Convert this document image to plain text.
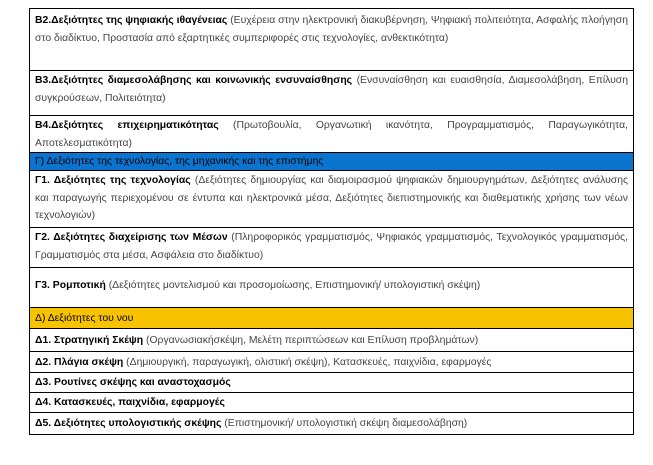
Β2.Δεξιότητες της ψηφιακής ιθαγένειας (Ευχέρεια στην ηλεκτρονική διακυβέρνηση, Ψηφιακή πολιτειότητα, Ασφαλής πλοήγηση στο διαδίκτυο, Προστασία από εξαρτητικές συμπεριφορές στις τεχνολογίες, ανθεκτικότητα)
Β3.Δεξιότητες διαμεσολάβησης και κοινωνικής ενσυναίσθησης (Ενσυναίσθηση και ευαισθησία, Διαμεσολάβηση, Επίλυση συγκρούσεων, Πολιτειότητα)
Β4.Δεξιότητες επιχειρηματικότητας (Πρωτοβουλία, Οργανωτική ικανότητα, Προγραμματισμός, Παραγωγικότητα, Αποτελεσματικότητα)
Γ) Δεξιότητες της τεχνολογίας, της μηχανικής και της επιστήμης
Γ1. Δεξιότητες της τεχνολογίας (Δεξιότητες δημιουργίας και διαμοιρασμού ψηφιακών δημιουργημάτων, Δεξιότητες ανάλυσης και παραγωγής περιεχομένου σε έντυπα και ηλεκτρονικά μέσα, Δεξιότητες διεπιστημονικής και διαθεματικής χρήσης των νέων τεχνολογιών)
Γ2. Δεξιότητες διαχείρισης των Μέσων (Πληροφορικός γραμματισμός, Ψηφιακός γραμματισμός, Τεχνολογικός γραμματισμός, Γραμματισμός στα μέσα, Ασφάλεια στο διαδίκτυο)
Γ3. Ρομποτική (Δεξιότητες μοντελισμού και προσομοίωσης, Επιστημονική/ υπολογιστική σκέψη)
Δ) Δεξιότητες του νου
Δ1. Στρατηγική Σκέψη (Οργανωσιακήσκέψη, Μελέτη περιπτώσεων και Επίλυση προβλημάτων)
Δ2. Πλάγια σκέψη (Δημιουργική, παραγωγική, ολιστική σκέψη), Κατασκευές, παιχνίδια, εφαρμογές
Δ3. Ρουτίνες σκέψης και αναστοχασμός
Δ4. Κατασκευές, παιχνίδια, εφαρμογές
Δ5. Δεξιότητες υπολογιστικής σκέψης (Επιστημονική/ υπολογιστική σκέψη διαμεσολάβηση)
